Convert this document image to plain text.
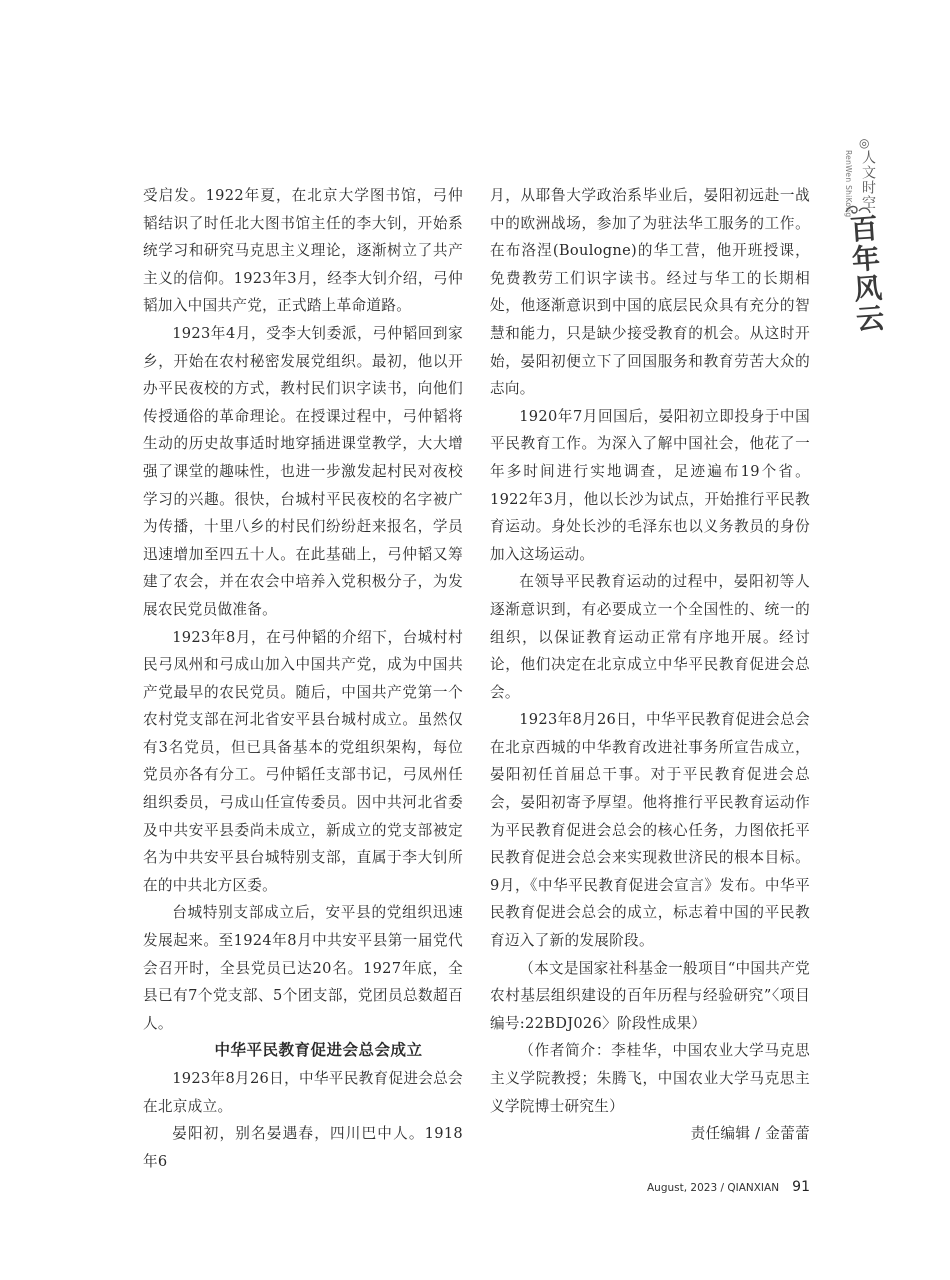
◎
人文时空
RenWen ShiKong
百年风云

受启发。1922年夏，在北京大学图书馆，弓仲韬结识了时任北大图书馆主任的李大钊，开始系统学习和研究马克思主义理论，逐渐树立了共产主义的信仰。1923年3月，经李大钊介绍，弓仲韬加入中国共产党，正式踏上革命道路。

1923年4月，受李大钊委派，弓仲韬回到家乡，开始在农村秘密发展党组织。最初，他以开办平民夜校的方式，教村民们识字读书，向他们传授通俗的革命理论。在授课过程中，弓仲韬将生动的历史故事适时地穿插进课堂教学，大大增强了课堂的趣味性，也进一步激发起村民对夜校学习的兴趣。很快，台城村平民夜校的名字被广为传播，十里八乡的村民们纷纷赶来报名，学员迅速增加至四五十人。在此基础上，弓仲韬又筹建了农会，并在农会中培养入党积极分子，为发展农民党员做准备。

1923年8月，在弓仲韬的介绍下，台城村村民弓凤州和弓成山加入中国共产党，成为中国共产党最早的农民党员。随后，中国共产党第一个农村党支部在河北省安平县台城村成立。虽然仅有3名党员，但已具备基本的党组织架构，每位党员亦各有分工。弓仲韬任支部书记，弓凤州任组织委员，弓成山任宣传委员。因中共河北省委及中共安平县委尚未成立，新成立的党支部被定名为中共安平县台城特别支部，直属于李大钊所在的中共北方区委。

台城特别支部成立后，安平县的党组织迅速发展起来。至1924年8月中共安平县第一届党代会召开时，全县党员已达20名。1927年底，全县已有7个党支部、5个团支部，党团员总数超百人。

中华平民教育促进会总会成立

1923年8月26日，中华平民教育促进会总会在北京成立。

晏阳初，别名晏遇春，四川巴中人。1918年6

月，从耶鲁大学政治系毕业后，晏阳初远赴一战中的欧洲战场，参加了为驻法华工服务的工作。在布洛涅(Boulogne)的华工营，他开班授课，免费教劳工们识字读书。经过与华工的长期相处，他逐渐意识到中国的底层民众具有充分的智慧和能力，只是缺少接受教育的机会。从这时开始，晏阳初便立下了回国服务和教育劳苦大众的志向。

1920年7月回国后，晏阳初立即投身于中国平民教育工作。为深入了解中国社会，他花了一年多时间进行实地调查，足迹遍布19个省。1922年3月，他以长沙为试点，开始推行平民教育运动。身处长沙的毛泽东也以义务教员的身份加入这场运动。

在领导平民教育运动的过程中，晏阳初等人逐渐意识到，有必要成立一个全国性的、统一的组织，以保证教育运动正常有序地开展。经讨论，他们决定在北京成立中华平民教育促进会总会。

1923年8月26日，中华平民教育促进会总会在北京西城的中华教育改进社事务所宣告成立，晏阳初任首届总干事。对于平民教育促进会总会，晏阳初寄予厚望。他将推行平民教育运动作为平民教育促进会总会的核心任务，力图依托平民教育促进会总会来实现救世济民的根本目标。9月，《中华平民教育促进会宣言》发布。中华平民教育促进会总会的成立，标志着中国的平民教育迈入了新的发展阶段。

（本文是国家社科基金一般项目“中国共产党农村基层组织建设的百年历程与经验研究”〈项目编号:22BDJ026〉阶段性成果）

（作者简介：李桂华，中国农业大学马克思主义学院教授；朱腾飞，中国农业大学马克思主义学院博士研究生）

责任编辑 / 金蕾蕾

August, 2023 / QIANXIAN 91
